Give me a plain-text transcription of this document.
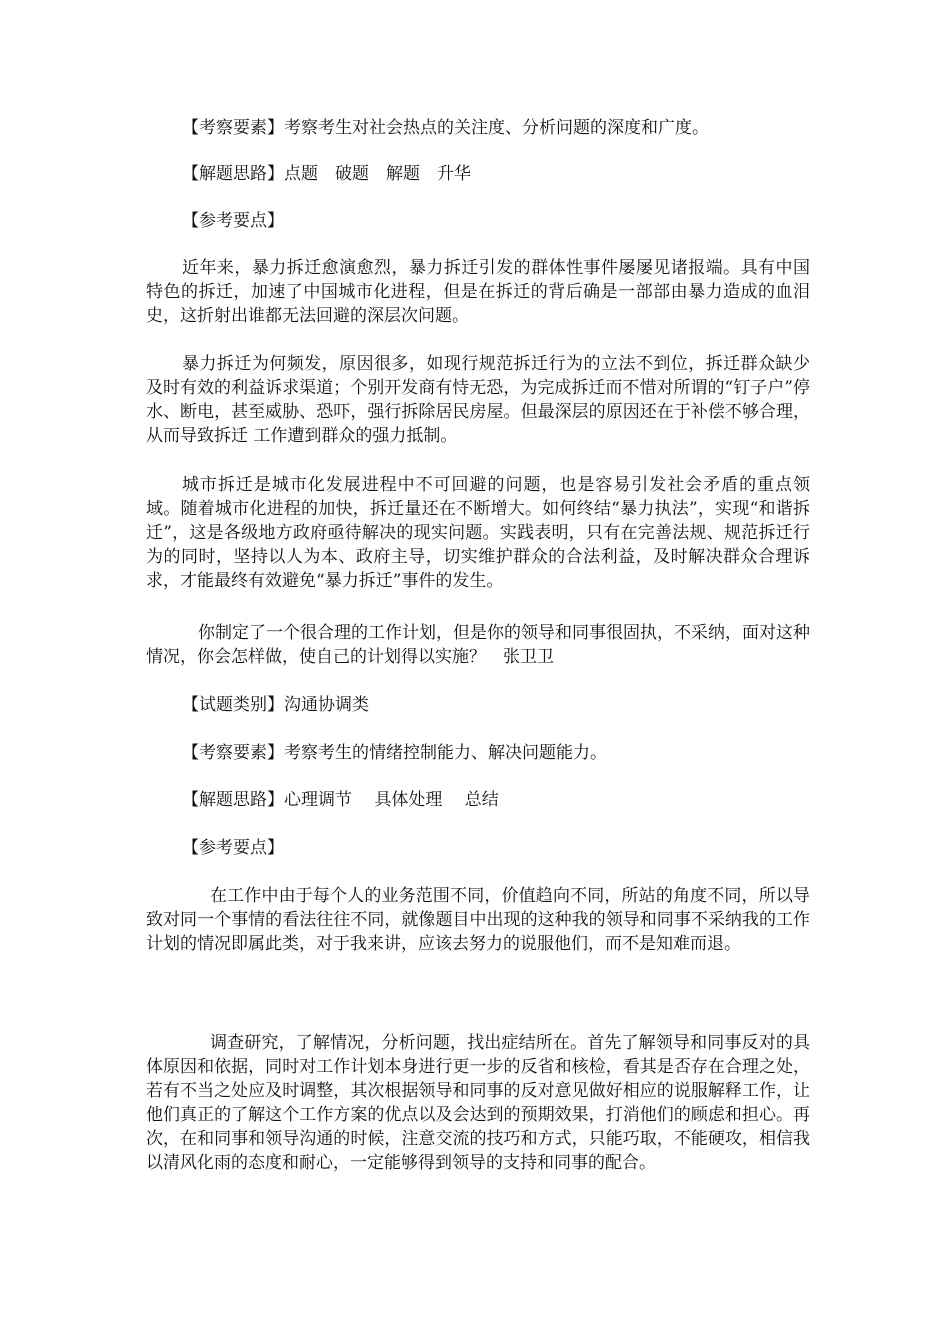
【考察要素】考察考生对社会热点的关注度、分析问题的深度和广度。
【解题思路】点题　破题　解题　升华
【参考要点】

近年来，暴力拆迁愈演愈烈，暴力拆迁引发的群体性事件屡屡见诸报端。具有中国特色的拆迁，加速了中国城市化进程，但是在拆迁的背后确是一部部由暴力造成的血泪史，这折射出谁都无法回避的深层次问题。

暴力拆迁为何频发，原因很多，如现行规范拆迁行为的立法不到位，拆迁群众缺少及时有效的利益诉求渠道；个别开发商有恃无恐，为完成拆迁而不惜对所谓的“钉子户”停水、断电，甚至威胁、恐吓，强行拆除居民房屋。但最深层的原因还在于补偿不够合理，从而导致拆迁 工作遭到群众的强力抵制。

城市拆迁是城市化发展进程中不可回避的问题，也是容易引发社会矛盾的重点领域。随着城市化进程的加快，拆迁量还在不断增大。如何终结“暴力执法”，实现“和谐拆迁”，这是各级地方政府亟待解决的现实问题。实践表明，只有在完善法规、规范拆迁行为的同时，坚持以人为本、政府主导，切实维护群众的合法利益，及时解决群众合理诉求，才能最终有效避免“暴力拆迁”事件的发生。

你制定了一个很合理的工作计划，但是你的领导和同事很固执，不采纳，面对这种情况，你会怎样做，使自己的计划得以实施？　张卫卫

【试题类别】沟通协调类
【考察要素】考察考生的情绪控制能力、解决问题能力。
【解题思路】心理调节　 具体处理　 总结
【参考要点】

在工作中由于每个人的业务范围不同，价值趋向不同，所站的角度不同，所以导致对同一个事情的看法往往不同，就像题目中出现的这种我的领导和同事不采纳我的工作计划的情况即属此类，对于我来讲，应该去努力的说服他们，而不是知难而退。

调查研究，了解情况，分析问题，找出症结所在。首先了解领导和同事反对的具体原因和依据，同时对工作计划本身进行更一步的反省和核检，看其是否存在合理之处，若有不当之处应及时调整，其次根据领导和同事的反对意见做好相应的说服解释工作，让他们真正的了解这个工作方案的优点以及会达到的预期效果，打消他们的顾虑和担心。再次，在和同事和领导沟通的时候，注意交流的技巧和方式，只能巧取，不能硬攻，相信我以清风化雨的态度和耐心，一定能够得到领导的支持和同事的配合。
